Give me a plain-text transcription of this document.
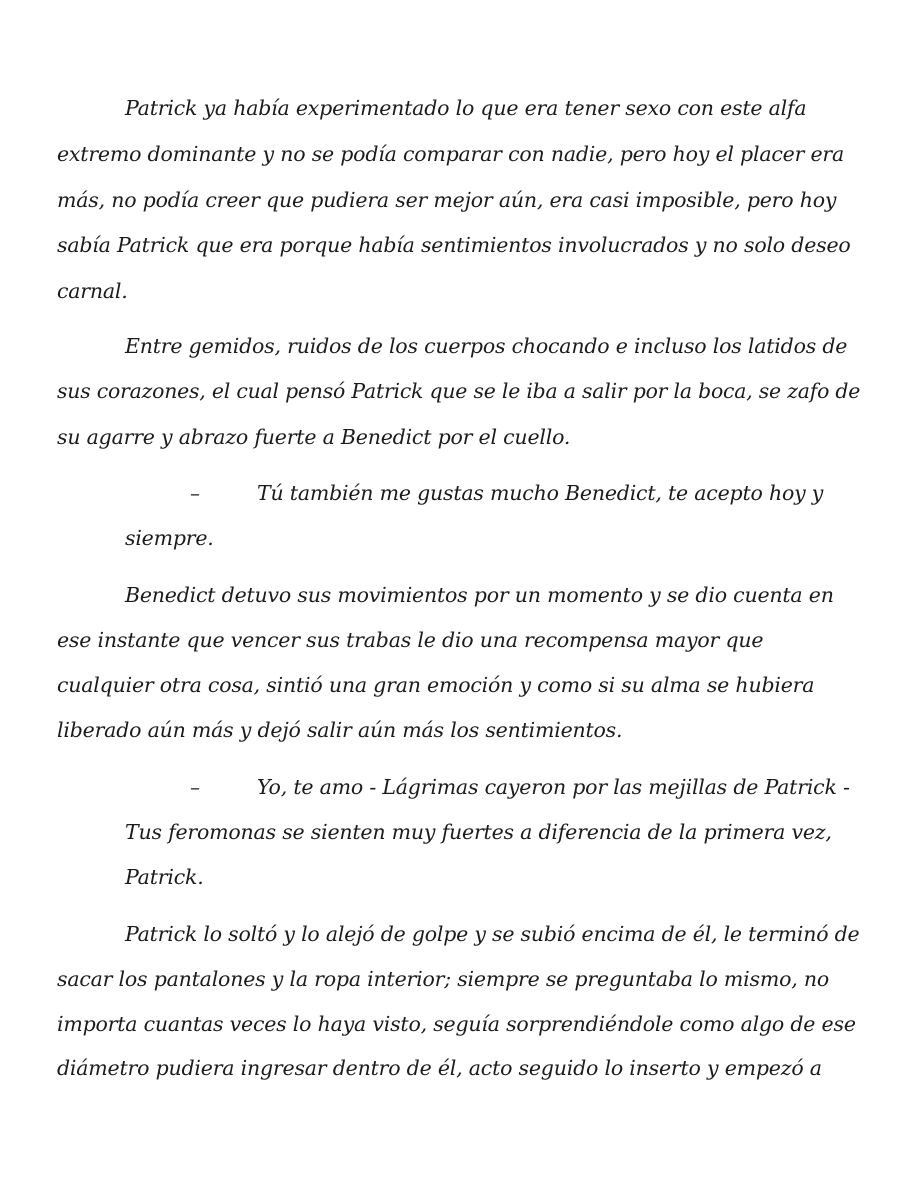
Patrick ya había experimentado lo que era tener sexo con este alfa
extremo dominante y no se podía comparar con nadie, pero hoy el placer era
más, no podía creer que pudiera ser mejor aún, era casi imposible, pero hoy
sabía Patrick que era porque había sentimientos involucrados y no solo deseo
carnal.
Entre gemidos, ruidos de los cuerpos chocando e incluso los latidos de
sus corazones, el cual pensó Patrick que se le iba a salir por la boca, se zafo de
su agarre y abrazo fuerte a Benedict por el cuello.
–	Tú también me gustas mucho Benedict, te acepto hoy y
siempre.
Benedict detuvo sus movimientos por un momento y se dio cuenta en
ese instante que vencer sus trabas le dio una recompensa mayor que
cualquier otra cosa, sintió una gran emoción y como si su alma se hubiera
liberado aún más y dejó salir aún más los sentimientos.
–	Yo, te amo - Lágrimas cayeron por las mejillas de Patrick -
Tus feromonas se sienten muy fuertes a diferencia de la primera vez,
Patrick.
Patrick lo soltó y lo alejó de golpe y se subió encima de él, le terminó de
sacar los pantalones y la ropa interior; siempre se preguntaba lo mismo, no
importa cuantas veces lo haya visto, seguía sorprendiéndole como algo de ese
diámetro pudiera ingresar dentro de él, acto seguido lo inserto y empezó a
